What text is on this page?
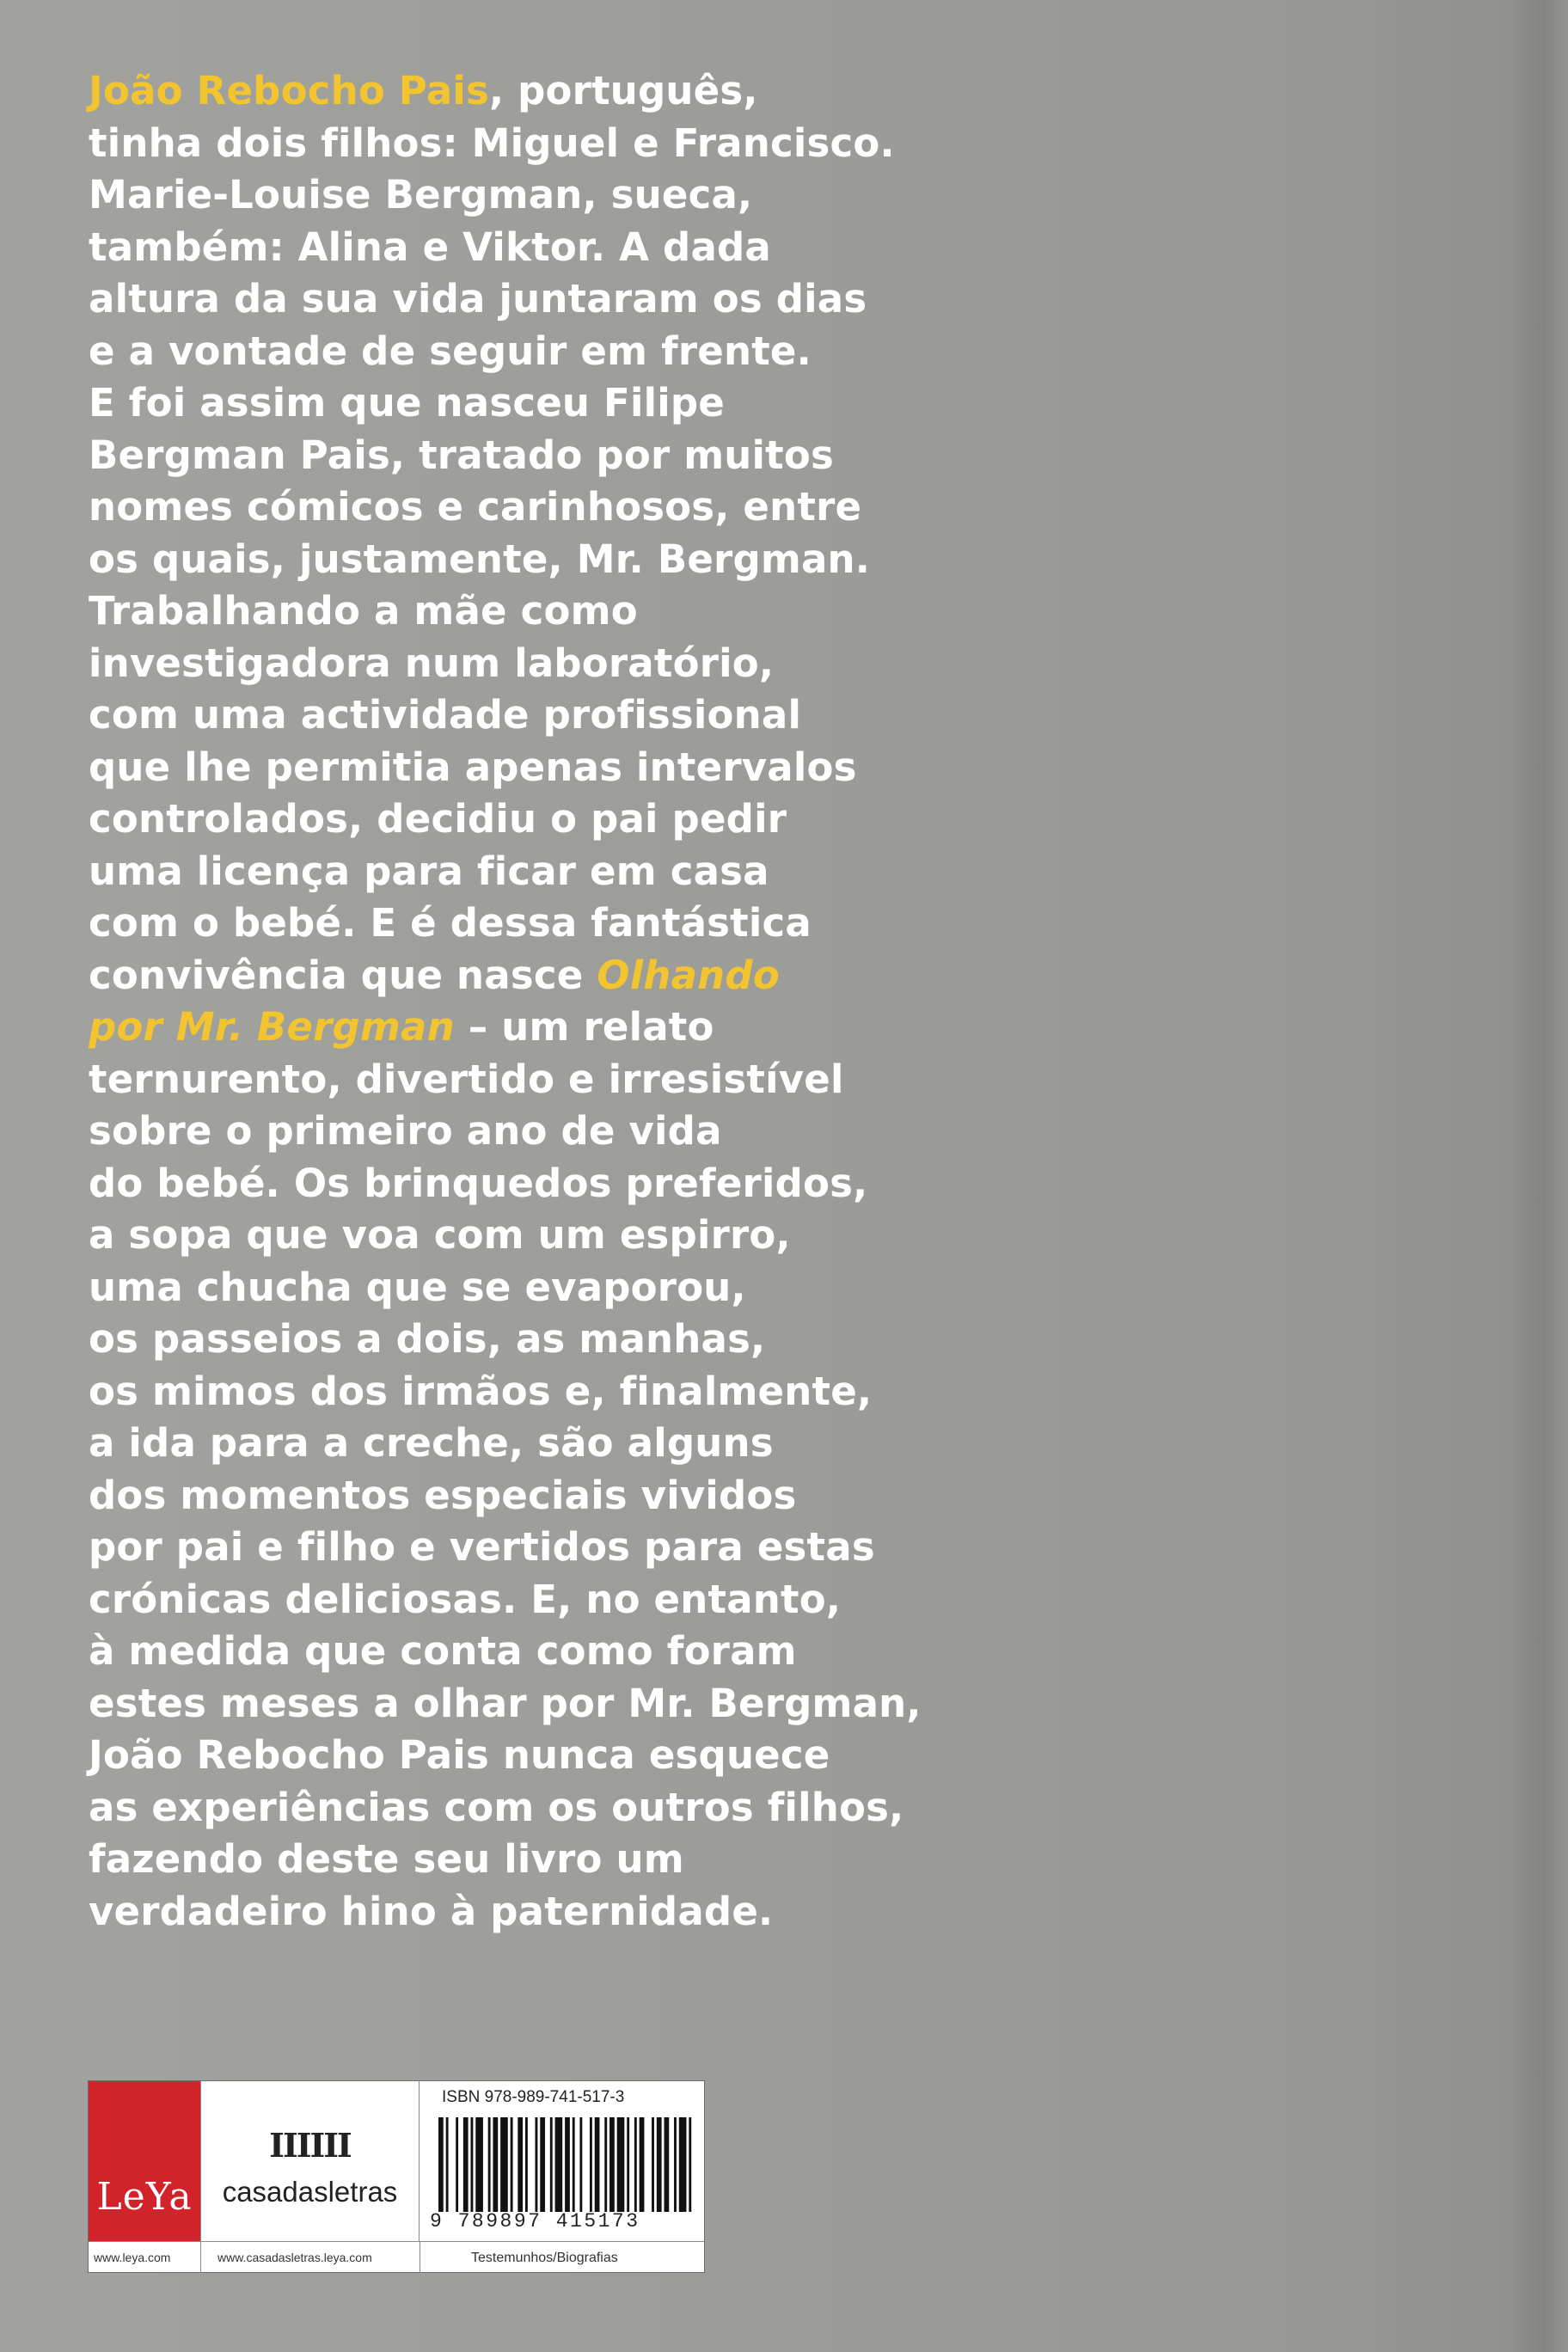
João Rebocho Pais, português,
tinha dois filhos: Miguel e Francisco.
Marie-Louise Bergman, sueca,
também: Alina e Viktor. A dada
altura da sua vida juntaram os dias
e a vontade de seguir em frente.
E foi assim que nasceu Filipe
Bergman Pais, tratado por muitos
nomes cómicos e carinhosos, entre
os quais, justamente, Mr. Bergman.
Trabalhando a mãe como
investigadora num laboratório,
com uma actividade profissional
que lhe permitia apenas intervalos
controlados, decidiu o pai pedir
uma licença para ficar em casa
com o bebé. E é dessa fantástica
convivência que nasce Olhando
por Mr. Bergman – um relato
ternurento, divertido e irresistível
sobre o primeiro ano de vida
do bebé. Os brinquedos preferidos,
a sopa que voa com um espirro,
uma chucha que se evaporou,
os passeios a dois, as manhas,
os mimos dos irmãos e, finalmente,
a ida para a creche, são alguns
dos momentos especiais vividos
por pai e filho e vertidos para estas
crónicas deliciosas. E, no entanto,
à medida que conta como foram
estes meses a olhar por Mr. Bergman,
João Rebocho Pais nunca esquece
as experiências com os outros filhos,
fazendo deste seu livro um
verdadeiro hino à paternidade.
LeYa
IIIIII
casadasletras
ISBN 978-989-741-517-3
9 789897 415173
www.leya.com	www.casadasletras.leya.com	Testemunhos/Biografias
